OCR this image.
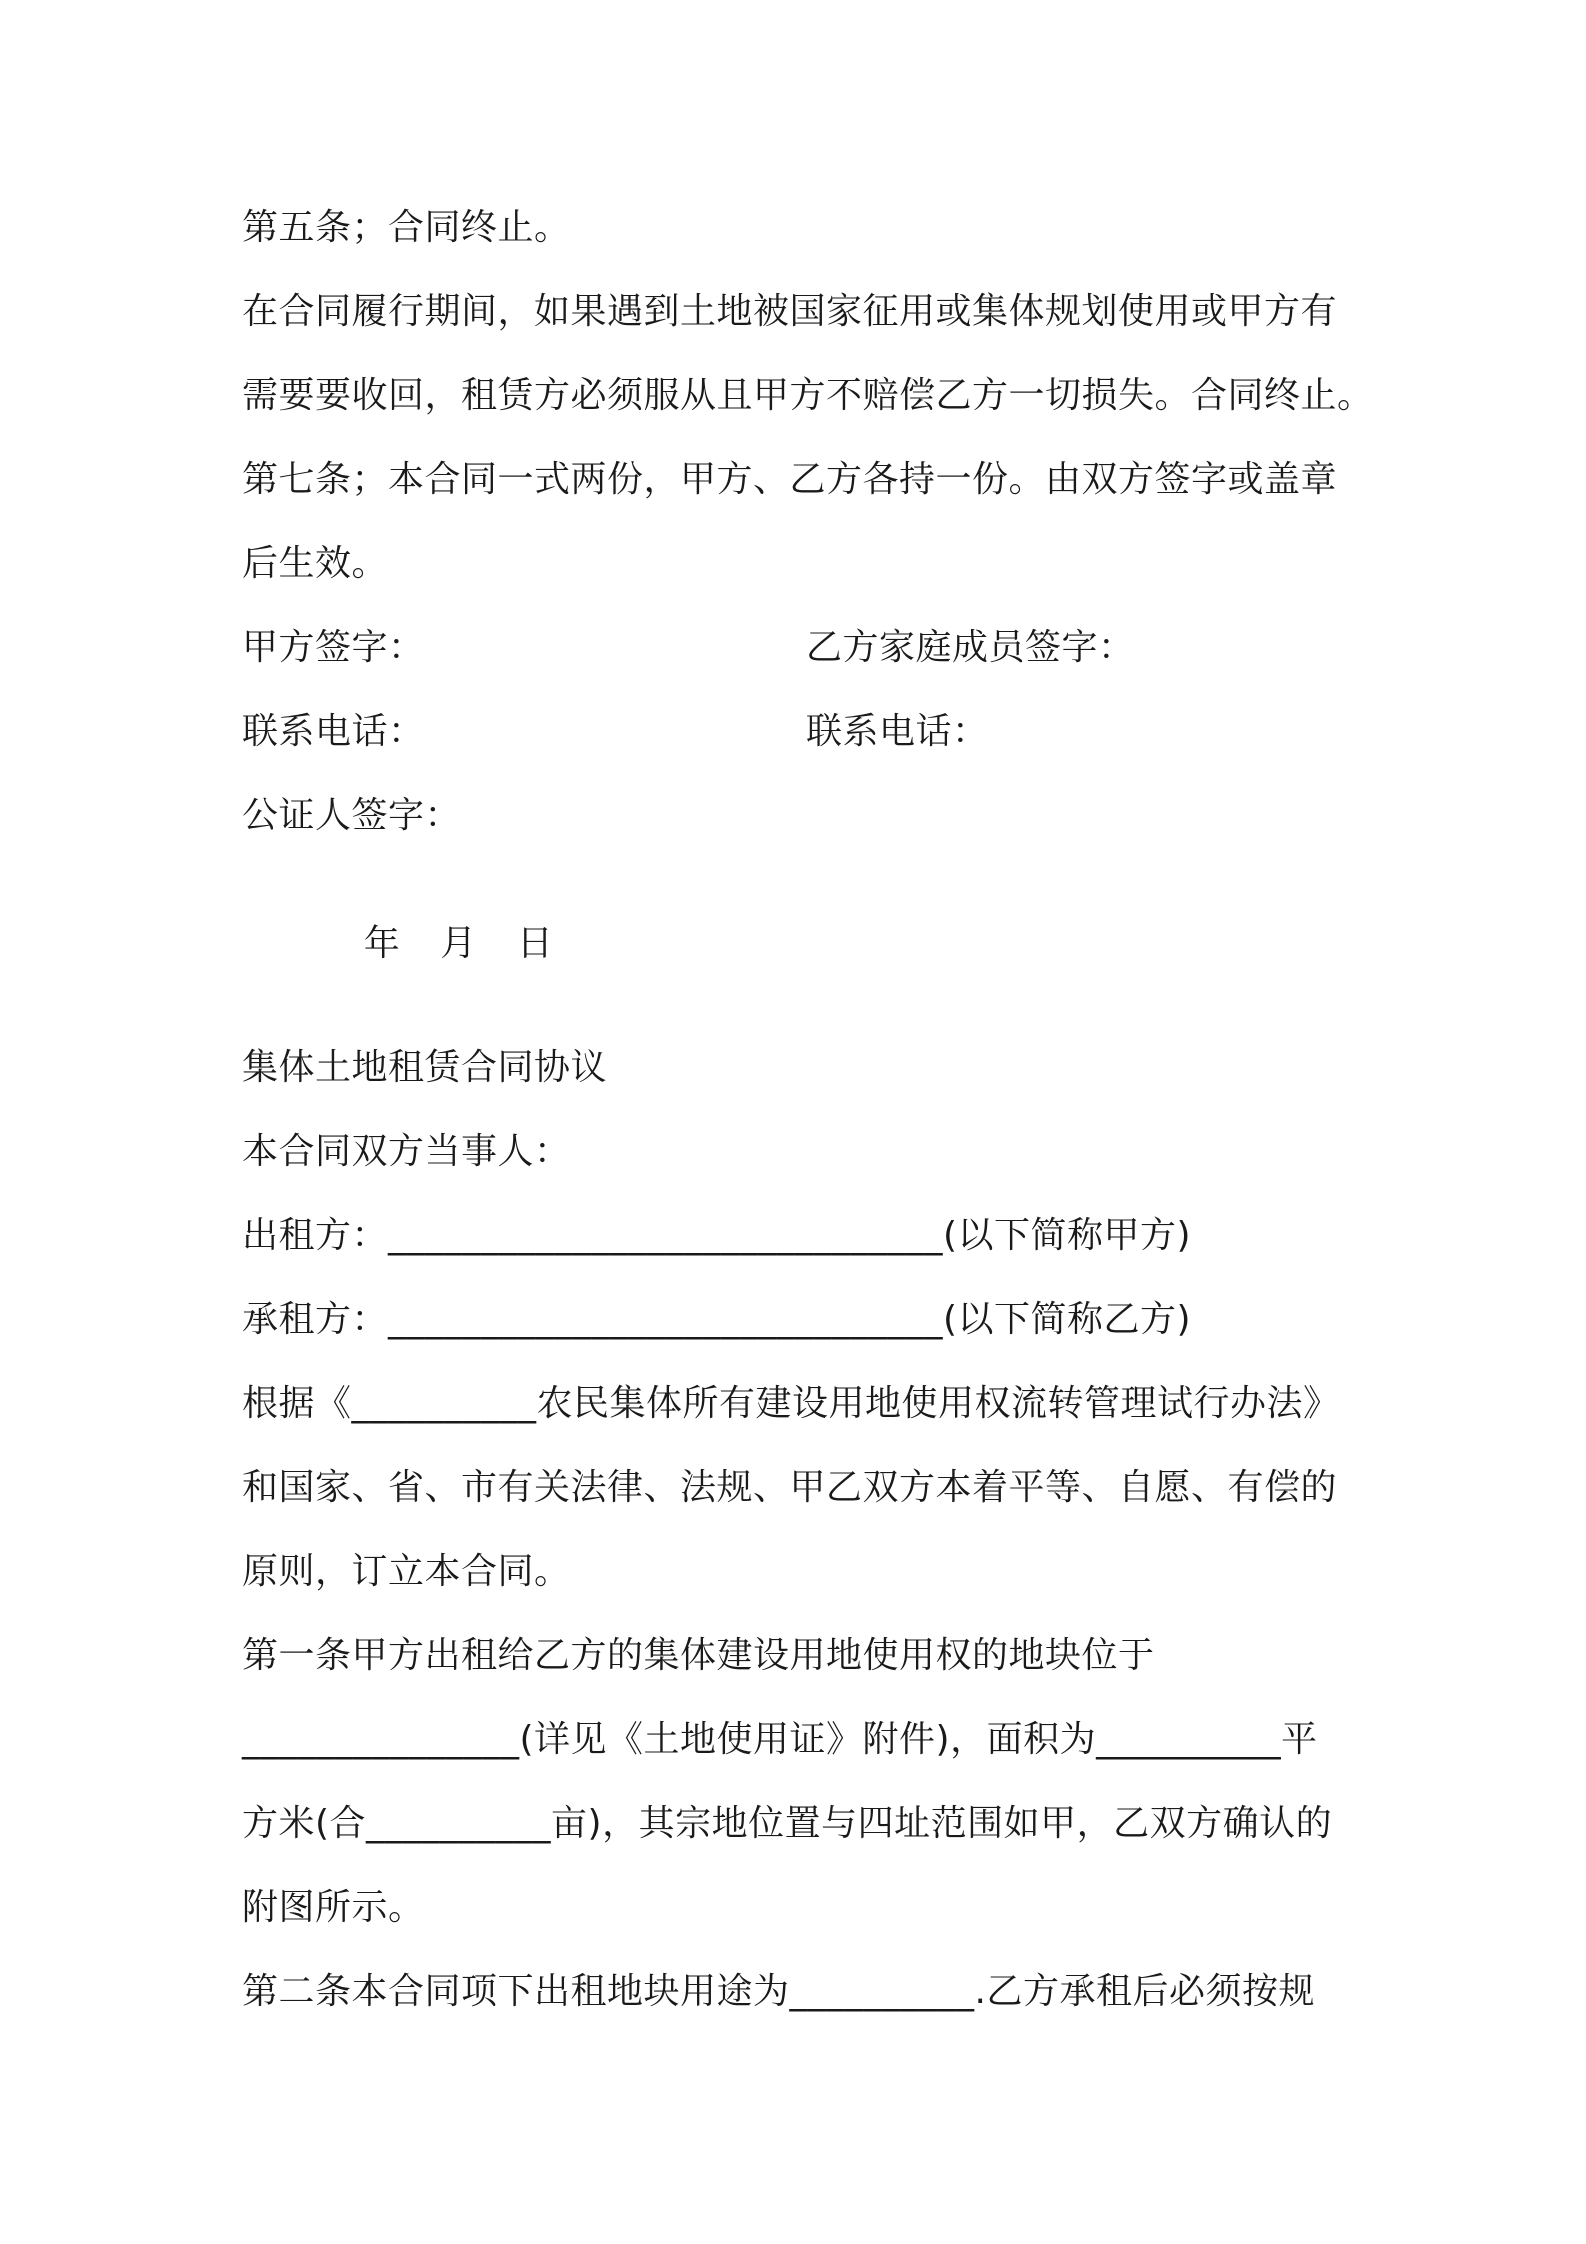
第五条；合同终止。
在合同履行期间，如果遇到土地被国家征用或集体规划使用或甲方有
需要要收回，租赁方必须服从且甲方不赔偿乙方一切损失。合同终止。
第七条；本合同一式两份，甲方、乙方各持一份。由双方签字或盖章
后生效。
甲方签字：	乙方家庭成员签字：
联系电话：	联系电话：
公证人签字：

年 月 日

集体土地租赁合同协议
本合同双方当事人：
出租方：______________________________(以下简称甲方)
承租方：______________________________(以下简称乙方)
根据《__________农民集体所有建设用地使用权流转管理试行办法》
和国家、省、市有关法律、法规、甲乙双方本着平等、自愿、有偿的
原则，订立本合同。
第一条甲方出租给乙方的集体建设用地使用权的地块位于
_______________(详见《土地使用证》附件)，面积为__________平
方米(合__________亩)，其宗地位置与四址范围如甲，乙双方确认的
附图所示。
第二条本合同项下出租地块用途为__________.乙方承租后必须按规
